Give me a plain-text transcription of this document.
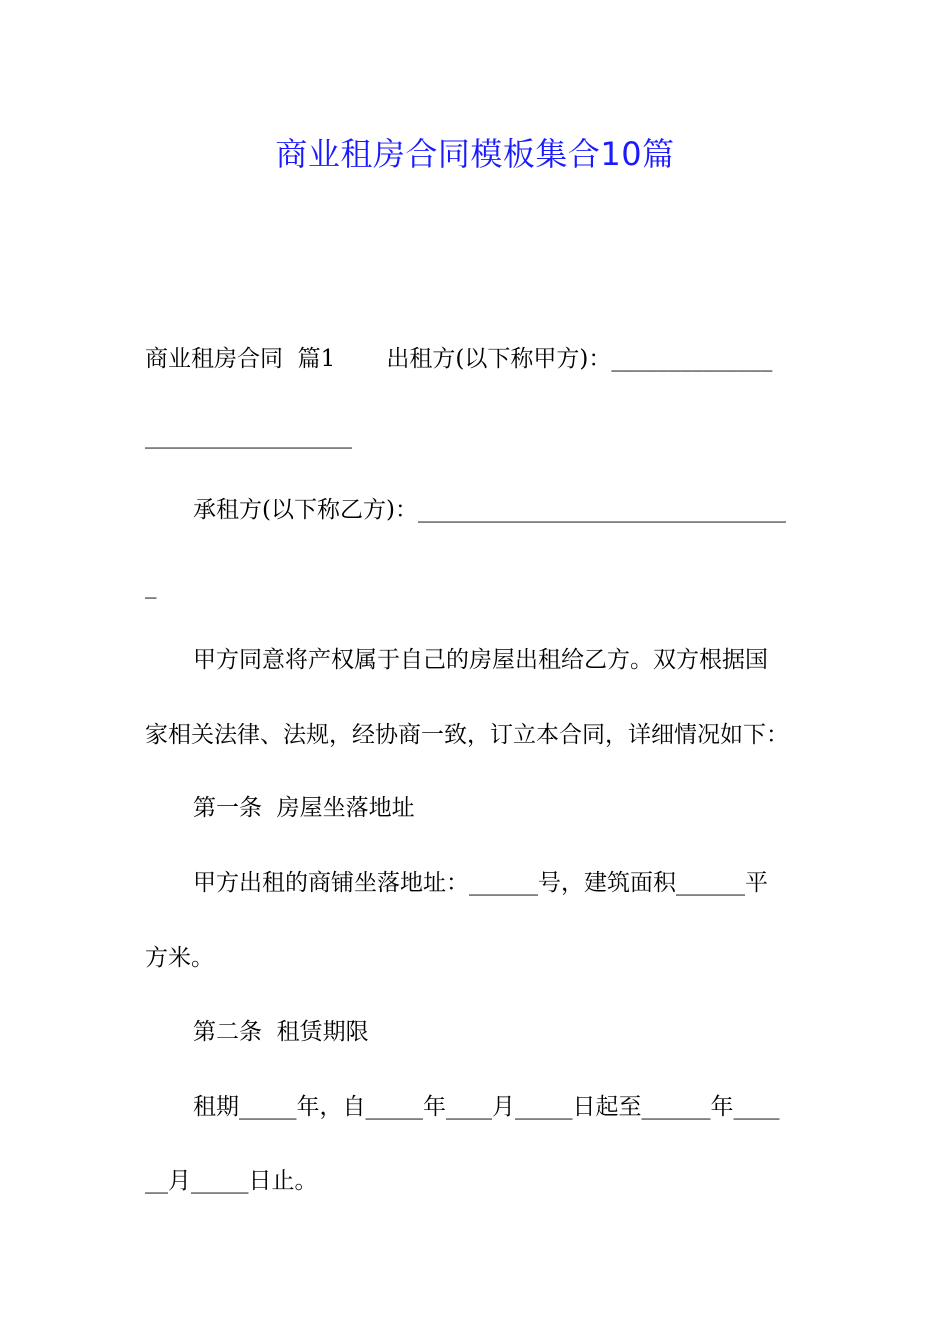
商业租房合同模板集合10篇
商业租房合同  篇1       出租方(以下称甲方)：______________
__________________
承租方(以下称乙方)：________________________________
_
甲方同意将产权属于自己的房屋出租给乙方。双方根据国
家相关法律、法规，经协商一致，订立本合同，详细情况如下：
第一条  房屋坐落地址
甲方出租的商铺坐落地址：______号，建筑面积______平
方米。
第二条  租赁期限
租期_____年，自_____年____月_____日起至______年____
__月_____日止。
